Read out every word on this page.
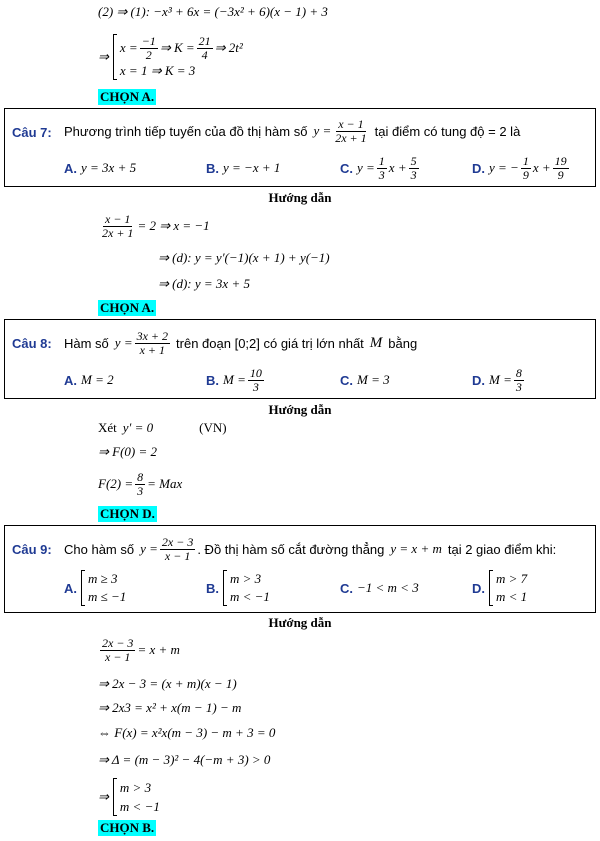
(2) ⇒ (1): −x³ + 6x = (−3x² + 6)(x − 1) + 3
⇒
$x = \frac{-1}{2}$ ⇒ $K = \frac{21}{4}$ ⇒ 2t²
x = 1 ⇒ K = 3
CHỌN A.
Câu 7: Phương trình tiếp tuyến của đồ thị hàm số $y = \frac{x - 1}{2x + 1}$ tại điểm có tung độ = 2 là
A. y = 3x + 5	B. y = −x + 1	C. $y = \frac{1}{3}$ $x + \frac{5}{3}$	D. y = − $\frac{1}{9}$ $x + \frac{19}{9}$
Hướng dẫn
$\frac{x - 1}{2x + 1} = 2$ ⇒ x = −1
⇒ (d): y = y′(−1)(x + 1) + y(−1)
⇒ (d): y = 3x + 5
CHỌN A.
Câu 8: Hàm số $y = \frac{3x + 2}{x + 1}$ trên đoạn [0;2] có giá trị lớn nhất M bằng
A. M = 2	B. $M = \frac{10}{3}$	C. M = 3	D. $M = \frac{8}{3}$
Hướng dẫn
Xét y′ = 0	(VN)
⇒ F(0) = 2
$F(2) = \frac{8}{3}$ = Max
CHỌN D.
Câu 9: Cho hàm số $y = \frac{2x - 3}{x - 1}$ . Đồ thị hàm số cắt đường thẳng y = x + m tại 2 giao điểm khi:
A.
m ≥ 3
m ≤ −1
B.
m > 3
m < −1
C. −1 < m < 3	D.
m > 7
m < 1
Hướng dẫn
$\frac{2x - 3}{x - 1} = x + m$
⇒ 2x − 3 = (x + m)(x − 1)
⇒ 2x3 = x² + x(m − 1) − m
⇔ F(x) = x²x(m − 3) − m + 3 = 0
⇒ Δ = (m − 3)² − 4(−m + 3) > 0
⇒
m > 3
m < −1
CHỌN B.
